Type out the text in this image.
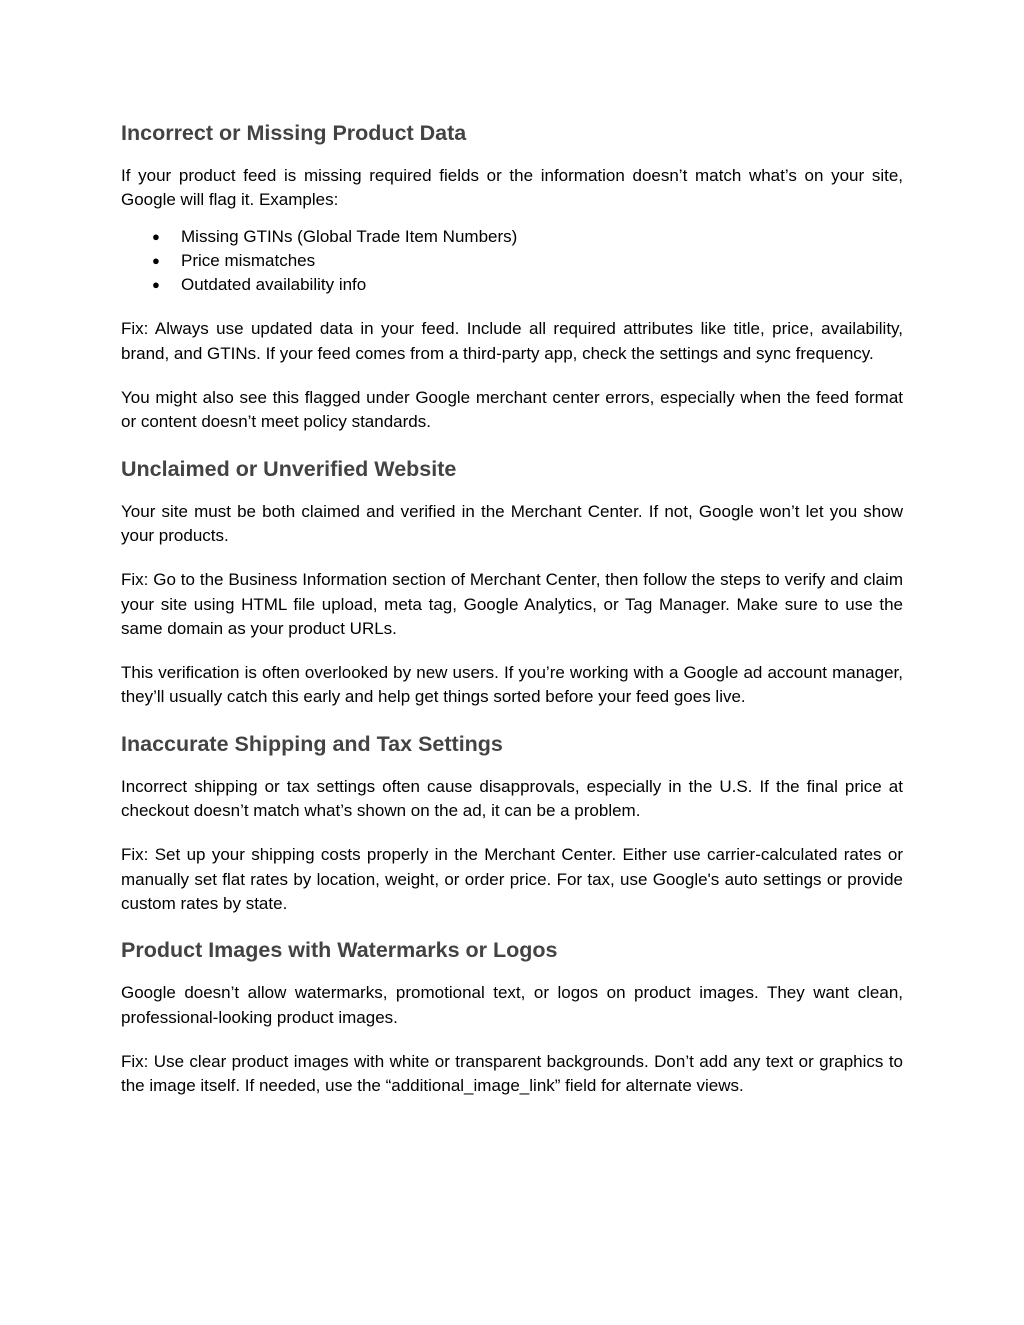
Incorrect or Missing Product Data

If your product feed is missing required fields or the information doesn’t match what’s on your site, Google will flag it. Examples:

● Missing GTINs (Global Trade Item Numbers)
● Price mismatches
● Outdated availability info

Fix: Always use updated data in your feed. Include all required attributes like title, price, availability, brand, and GTINs. If your feed comes from a third-party app, check the settings and sync frequency.

You might also see this flagged under Google merchant center errors, especially when the feed format or content doesn’t meet policy standards.

Unclaimed or Unverified Website

Your site must be both claimed and verified in the Merchant Center. If not, Google won’t let you show your products.

Fix: Go to the Business Information section of Merchant Center, then follow the steps to verify and claim your site using HTML file upload, meta tag, Google Analytics, or Tag Manager. Make sure to use the same domain as your product URLs.

This verification is often overlooked by new users. If you’re working with a Google ad account manager, they’ll usually catch this early and help get things sorted before your feed goes live.

Inaccurate Shipping and Tax Settings

Incorrect shipping or tax settings often cause disapprovals, especially in the U.S. If the final price at checkout doesn’t match what’s shown on the ad, it can be a problem.

Fix: Set up your shipping costs properly in the Merchant Center. Either use carrier-calculated rates or manually set flat rates by location, weight, or order price. For tax, use Google's auto settings or provide custom rates by state.

Product Images with Watermarks or Logos

Google doesn’t allow watermarks, promotional text, or logos on product images. They want clean, professional-looking product images.

Fix: Use clear product images with white or transparent backgrounds. Don’t add any text or graphics to the image itself. If needed, use the “additional_image_link” field for alternate views.
